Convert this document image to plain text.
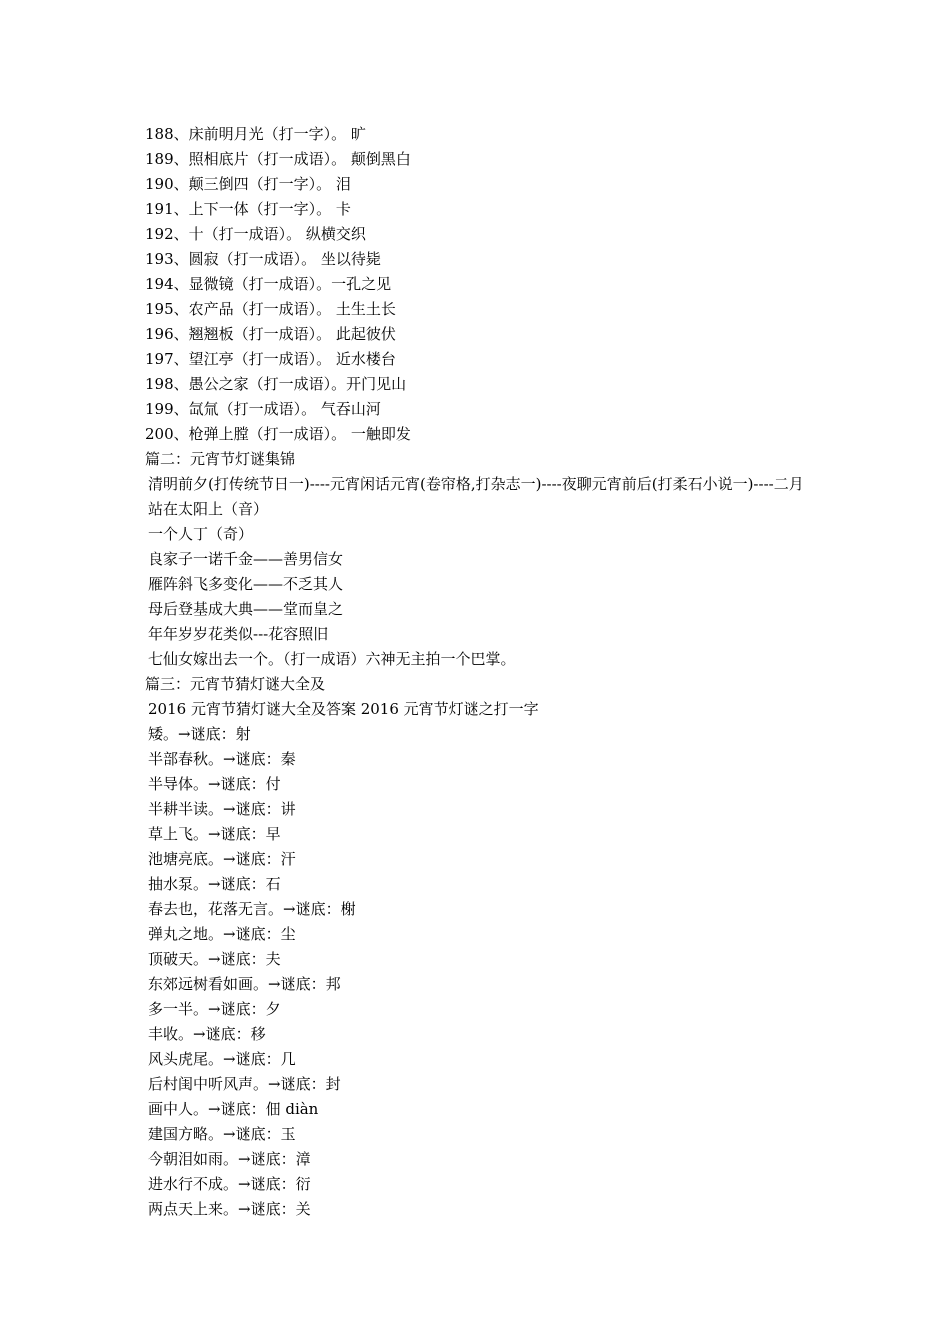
188、床前明月光（打一字）。 旷
189、照相底片（打一成语）。 颠倒黑白
190、颠三倒四（打一字）。 泪
191、上下一体（打一字）。 卡
192、十（打一成语）。 纵横交织
193、圆寂（打一成语）。 坐以待毙
194、显微镜（打一成语）。一孔之见
195、农产品（打一成语）。 土生土长
196、翘翘板（打一成语）。 此起彼伏
197、望江亭（打一成语）。 近水楼台
198、愚公之家（打一成语）。开门见山
199、氙氚（打一成语）。 气吞山河
200、枪弹上膛（打一成语）。 一触即发
篇二：元宵节灯谜集锦
清明前夕(打传统节日一)----元宵闲话元宵(卷帘格,打杂志一)----夜聊元宵前后(打柔石小说一)----二月站在太阳上（音）
一个人丁（奇）
良家子一诺千金——善男信女
雁阵斜飞多变化——不乏其人
母后登基成大典——堂而皇之
年年岁岁花类似---花容照旧
七仙女嫁出去一个。（打一成语）六神无主拍一个巴掌。
篇三：元宵节猜灯谜大全及
2016 元宵节猜灯谜大全及答案 2016 元宵节灯谜之打一字
矮。→谜底：射
半部春秋。→谜底：秦
半导体。→谜底：付
半耕半读。→谜底：讲
草上飞。→谜底：早
池塘亮底。→谜底：汗
抽水泵。→谜底：石
春去也，花落无言。→谜底：榭
弹丸之地。→谜底：尘
顶破天。→谜底：夫
东郊远树看如画。→谜底：邦
多一半。→谜底：夕
丰收。→谜底：移
风头虎尾。→谜底：几
后村闺中听风声。→谜底：封
画中人。→谜底：佃 diàn
建国方略。→谜底：玉
今朝泪如雨。→谜底：漳
进水行不成。→谜底：衍
两点天上来。→谜底：关
